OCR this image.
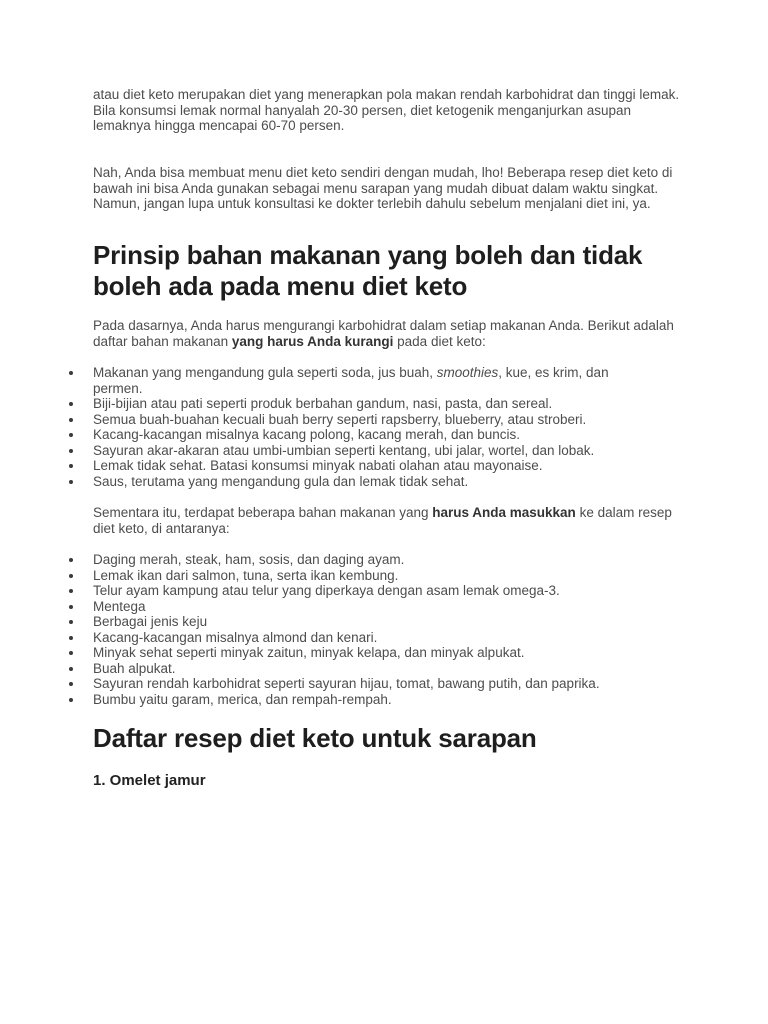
atau diet keto merupakan diet yang menerapkan pola makan rendah karbohidrat dan tinggi lemak. Bila konsumsi lemak normal hanyalah 20-30 persen, diet ketogenik menganjurkan asupan lemaknya hingga mencapai 60-70 persen.

Nah, Anda bisa membuat menu diet keto sendiri dengan mudah, lho! Beberapa resep diet keto di bawah ini bisa Anda gunakan sebagai menu sarapan yang mudah dibuat dalam waktu singkat. Namun, jangan lupa untuk konsultasi ke dokter terlebih dahulu sebelum menjalani diet ini, ya.

Prinsip bahan makanan yang boleh dan tidak boleh ada pada menu diet keto

Pada dasarnya, Anda harus mengurangi karbohidrat dalam setiap makanan Anda. Berikut adalah daftar bahan makanan yang harus Anda kurangi pada diet keto:

Makanan yang mengandung gula seperti soda, jus buah, smoothies, kue, es krim, dan permen.
Biji-bijian atau pati seperti produk berbahan gandum, nasi, pasta, dan sereal.
Semua buah-buahan kecuali buah berry seperti rapsberry, blueberry, atau stroberi.
Kacang-kacangan misalnya kacang polong, kacang merah, dan buncis.
Sayuran akar-akaran atau umbi-umbian seperti kentang, ubi jalar, wortel, dan lobak.
Lemak tidak sehat. Batasi konsumsi minyak nabati olahan atau mayonaise.
Saus, terutama yang mengandung gula dan lemak tidak sehat.

Sementara itu, terdapat beberapa bahan makanan yang harus Anda masukkan ke dalam resep diet keto, di antaranya:

Daging merah, steak, ham, sosis, dan daging ayam.
Lemak ikan dari salmon, tuna, serta ikan kembung.
Telur ayam kampung atau telur yang diperkaya dengan asam lemak omega-3.
Mentega
Berbagai jenis keju
Kacang-kacangan misalnya almond dan kenari.
Minyak sehat seperti minyak zaitun, minyak kelapa, dan minyak alpukat.
Buah alpukat.
Sayuran rendah karbohidrat seperti sayuran hijau, tomat, bawang putih, dan paprika.
Bumbu yaitu garam, merica, dan rempah-rempah.
Daftar resep diet keto untuk sarapan
1. Omelet jamur
